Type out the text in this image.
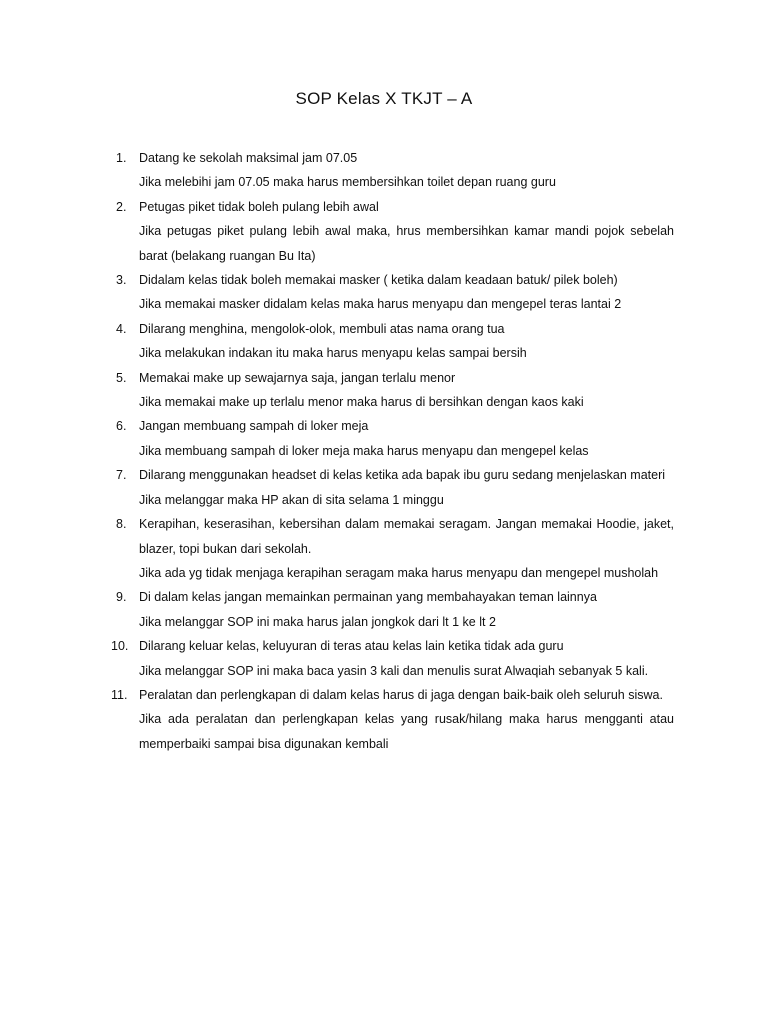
SOP Kelas X TKJT – A
1. Datang ke sekolah maksimal jam 07.05
Jika melebihi jam 07.05 maka harus membersihkan toilet depan ruang guru
2. Petugas piket tidak boleh pulang lebih awal
Jika petugas piket pulang lebih awal maka, hrus membersihkan kamar mandi pojok sebelah barat (belakang ruangan Bu Ita)
3. Didalam kelas tidak boleh memakai masker ( ketika dalam keadaan batuk/ pilek boleh)
Jika memakai masker didalam kelas maka harus menyapu dan mengepel teras lantai 2
4. Dilarang menghina, mengolok-olok, membuli atas nama orang tua
Jika melakukan indakan itu maka harus menyapu kelas sampai bersih
5. Memakai make up sewajarnya saja, jangan terlalu menor
Jika memakai make up terlalu menor maka harus di bersihkan dengan kaos kaki
6. Jangan membuang sampah di loker meja
Jika membuang sampah di loker meja maka harus menyapu dan mengepel kelas
7. Dilarang menggunakan headset di kelas ketika ada bapak ibu guru sedang menjelaskan materi
Jika melanggar maka HP akan di sita selama 1 minggu
8. Kerapihan, keserasihan, kebersihan dalam memakai seragam. Jangan memakai Hoodie, jaket, blazer, topi bukan dari sekolah.
Jika ada yg tidak menjaga kerapihan seragam maka harus menyapu dan mengepel musholah
9. Di dalam kelas jangan memainkan permainan yang membahayakan teman lainnya
Jika melanggar SOP ini maka harus jalan jongkok dari lt 1 ke lt 2
10. Dilarang keluar kelas, keluyuran di teras atau kelas lain ketika tidak ada guru
Jika melanggar SOP ini maka baca yasin 3 kali dan menulis surat Alwaqiah sebanyak 5 kali.
11. Peralatan dan perlengkapan di dalam kelas harus di jaga dengan baik-baik oleh seluruh siswa.
Jika ada peralatan dan perlengkapan kelas yang rusak/hilang maka harus mengganti atau memperbaiki sampai bisa digunakan kembali
